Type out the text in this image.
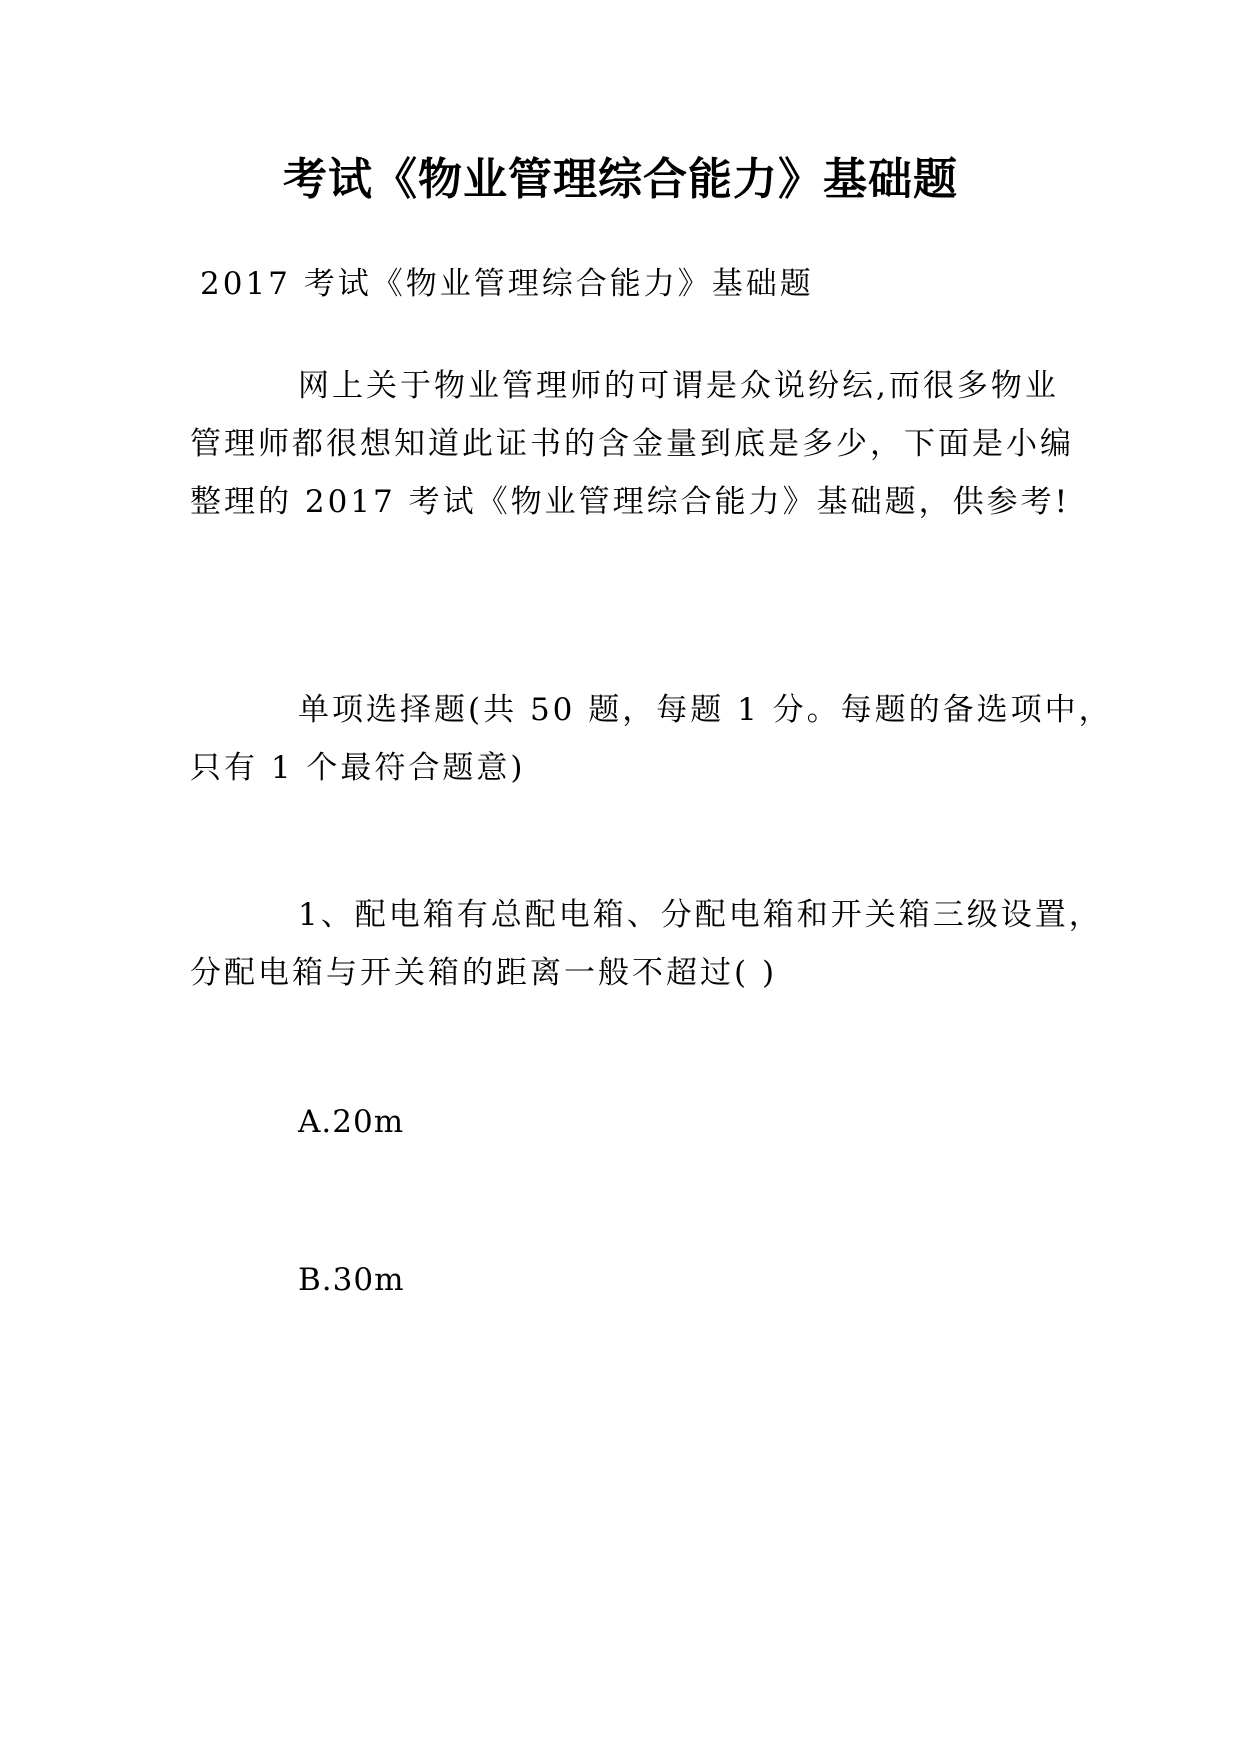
考试《物业管理综合能力》基础题
2017 考试《物业管理综合能力》基础题
网上关于物业管理师的可谓是众说纷纭,而很多物业
管理师都很想知道此证书的含金量到底是多少，下面是小编
整理的 2017 考试《物业管理综合能力》基础题，供参考!
单项选择题(共 50 题，每题 1 分。每题的备选项中，
只有 1 个最符合题意)
1、配电箱有总配电箱、分配电箱和开关箱三级设置，
分配电箱与开关箱的距离一般不超过( )
A.20m
B.30m
